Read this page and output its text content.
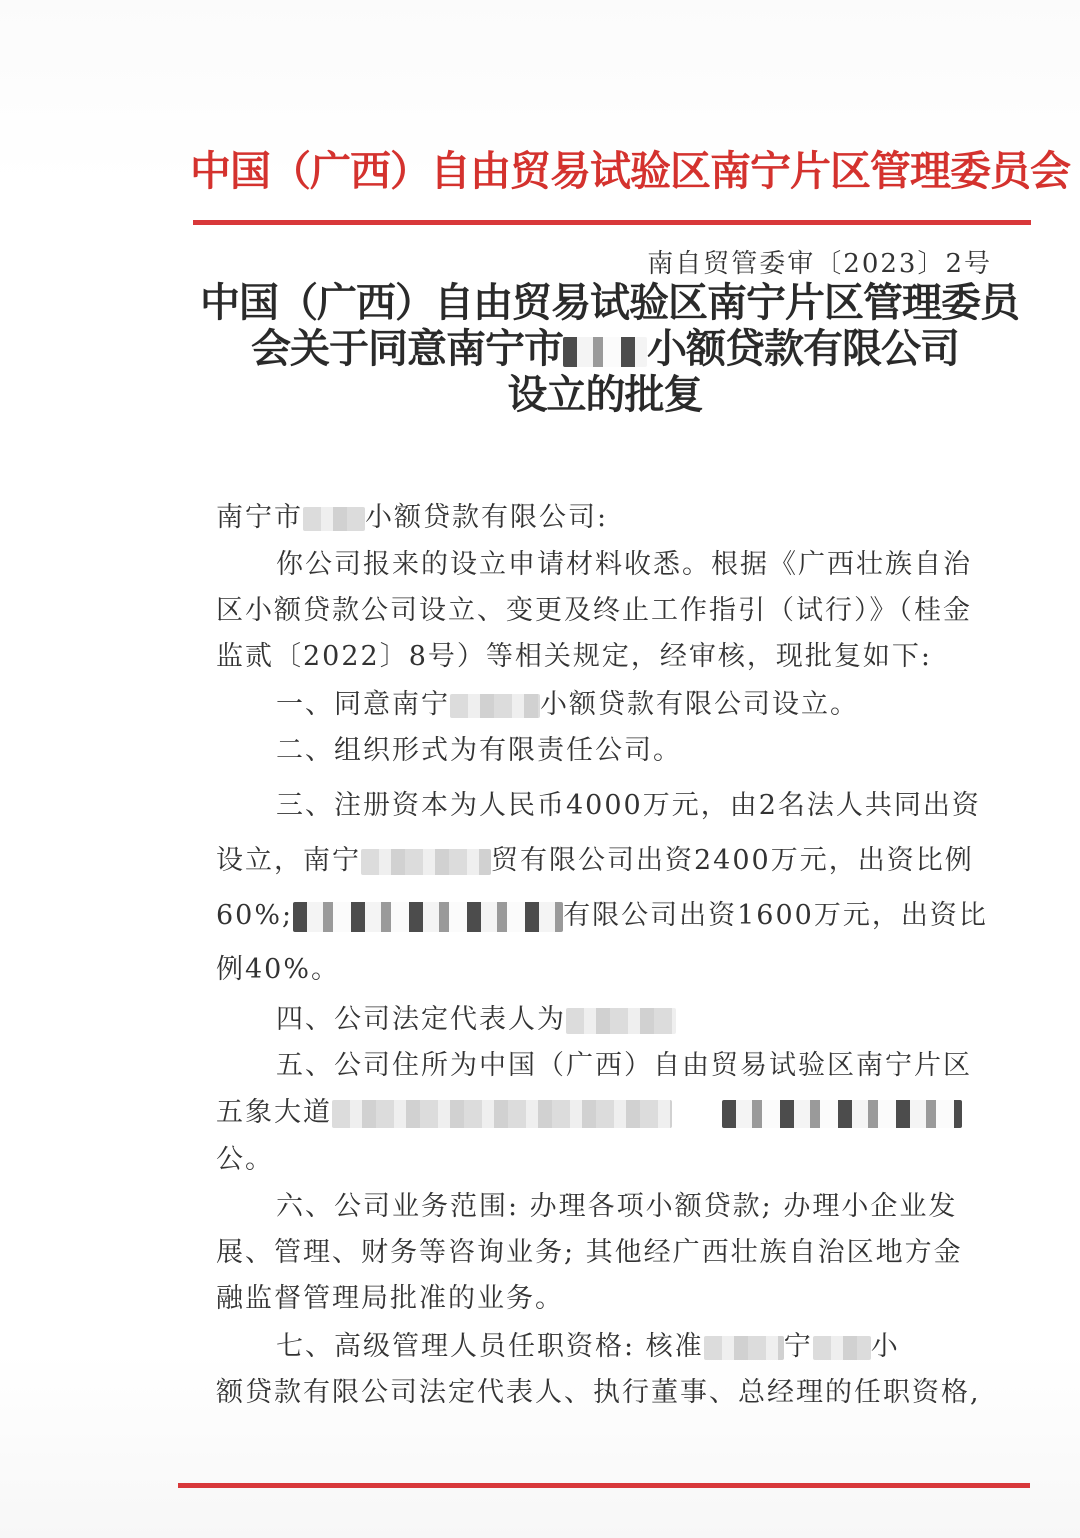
中国（广西）自由贸易试验区南宁片区管理委员会
南自贸管委审〔2023〕2号
中国（广西）自由贸易试验区南宁片区管理委员
会关于同意南宁市 小额贷款有限公司
设立的批复
南宁市 小额贷款有限公司:
你公司报来的设立申请材料收悉。根据《广西壮族自治
区小额贷款公司设立、变更及终止工作指引（试行）》（桂金
监贰〔2022〕8号）等相关规定，经审核，现批复如下:
一、同意南宁	小额贷款有限公司设立。
二、组织形式为有限责任公司。
三、注册资本为人民币4000万元，由2名法人共同出资
设立，南宁	贸有限公司出资2400万元，出资比例
60%;	有限公司出资1600万元，出资比
例40%。
四、公司法定代表人为
五、公司住所为中国（广西）自由贸易试验区南宁片区
五象大道
公。
六、公司业务范围: 办理各项小额贷款; 办理小企业发
展、管理、财务等咨询业务; 其他经广西壮族自治区地方金
融监督管理局批准的业务。
七、高级管理人员任职资格: 核准	宁 小
额贷款有限公司法定代表人、执行董事、总经理的任职资格,
